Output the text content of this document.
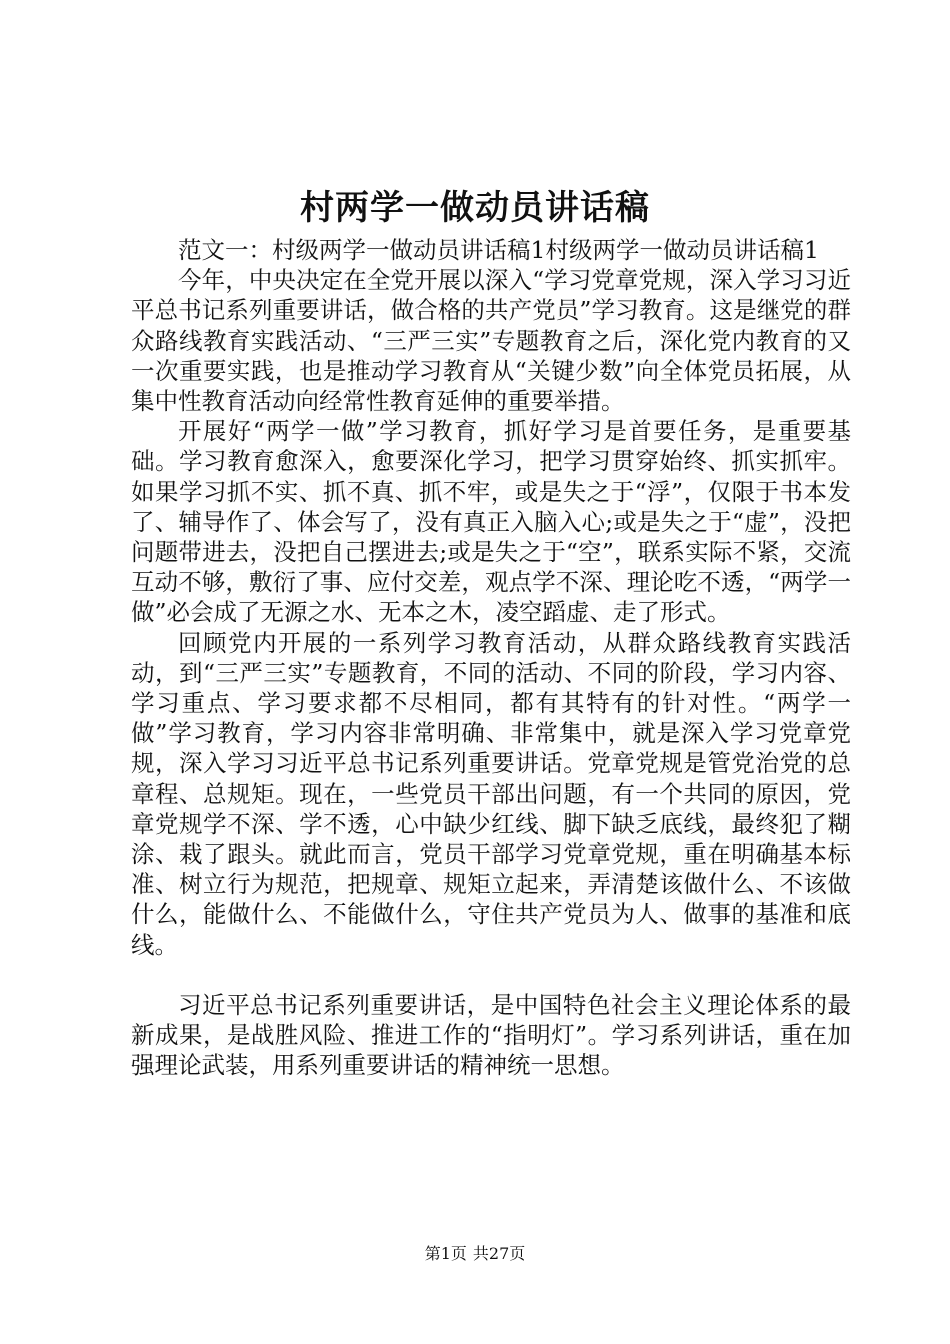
村两学一做动员讲话稿

范文一：村级两学一做动员讲话稿1村级两学一做动员讲话稿1

今年，中央决定在全党开展以深入“学习党章党规，深入学习习近平总书记系列重要讲话，做合格的共产党员”学习教育。这是继党的群众路线教育实践活动、“三严三实”专题教育之后，深化党内教育的又一次重要实践，也是推动学习教育从“关键少数”向全体党员拓展，从集中性教育活动向经常性教育延伸的重要举措。

开展好“两学一做”学习教育，抓好学习是首要任务，是重要基础。学习教育愈深入，愈要深化学习，把学习贯穿始终、抓实抓牢。如果学习抓不实、抓不真、抓不牢，或是失之于“浮”，仅限于书本发了、辅导作了、体会写了，没有真正入脑入心;或是失之于“虚”，没把问题带进去，没把自己摆进去;或是失之于“空”，联系实际不紧，交流互动不够，敷衍了事、应付交差，观点学不深、理论吃不透，“两学一做”必会成了无源之水、无本之木，凌空蹈虚、走了形式。

回顾党内开展的一系列学习教育活动，从群众路线教育实践活动，到“三严三实”专题教育，不同的活动、不同的阶段，学习内容、学习重点、学习要求都不尽相同，都有其特有的针对性。“两学一做”学习教育，学习内容非常明确、非常集中，就是深入学习党章党规，深入学习习近平总书记系列重要讲话。党章党规是管党治党的总章程、总规矩。现在，一些党员干部出问题，有一个共同的原因，党章党规学不深、学不透，心中缺少红线、脚下缺乏底线，最终犯了糊涂、栽了跟头。就此而言，党员干部学习党章党规，重在明确基本标准、树立行为规范，把规章、规矩立起来，弄清楚该做什么、不该做什么，能做什么、不能做什么，守住共产党员为人、做事的基准和底线。

习近平总书记系列重要讲话，是中国特色社会主义理论体系的最新成果，是战胜风险、推进工作的“指明灯”。学习系列讲话，重在加强理论武装，用系列重要讲话的精神统一思想。

第1页 共27页
